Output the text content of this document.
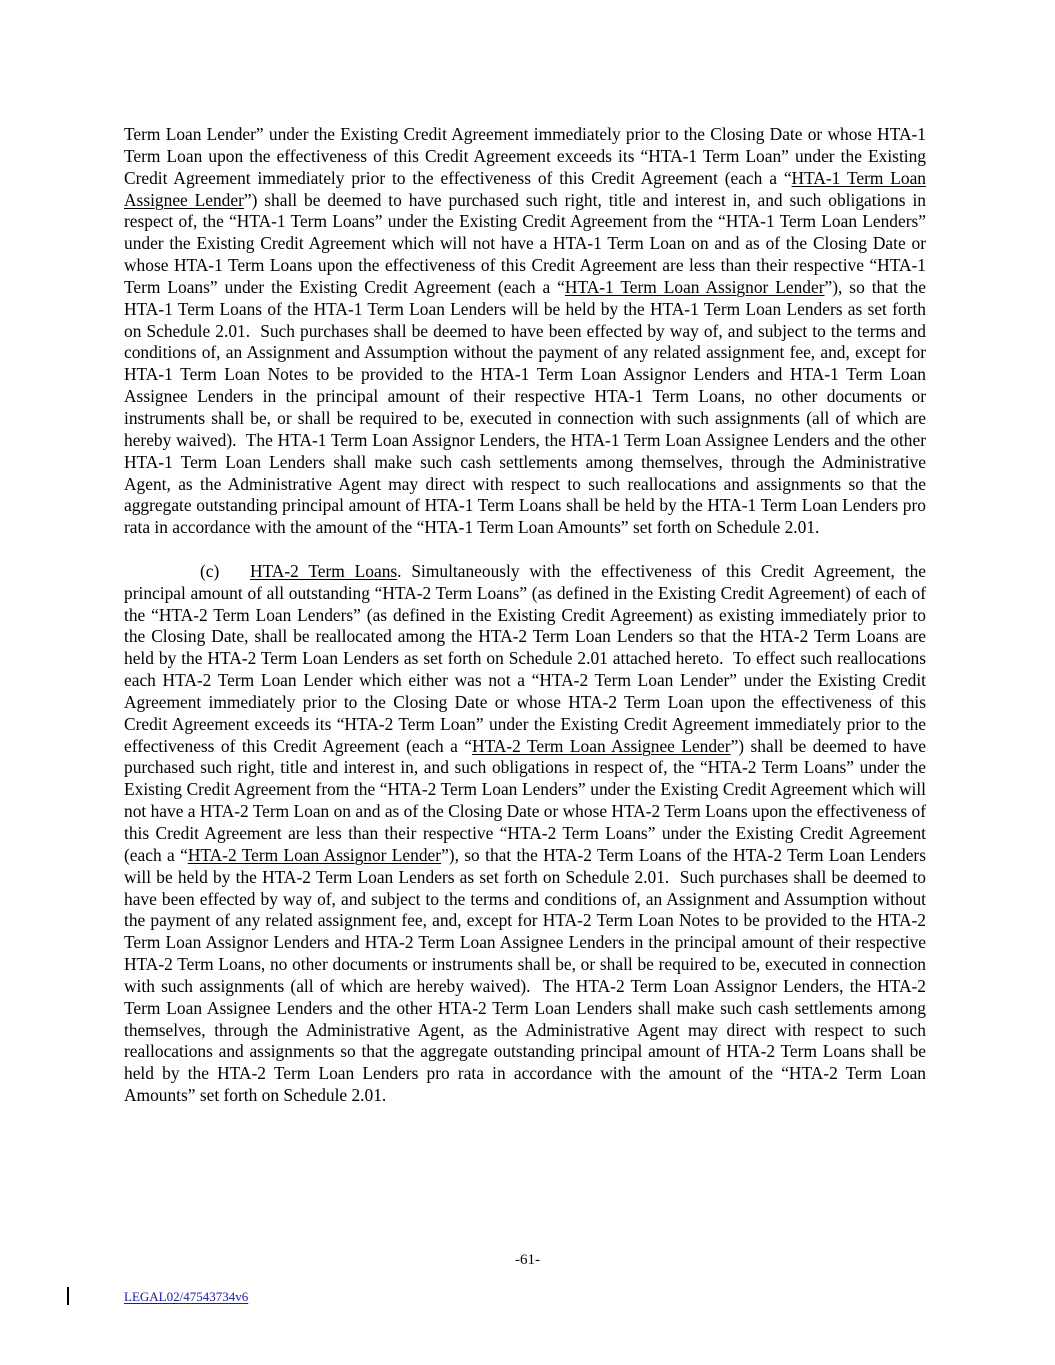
Term Loan Lender” under the Existing Credit Agreement immediately prior to the Closing Date or whose HTA-1 Term Loan upon the effectiveness of this Credit Agreement exceeds its “HTA-1 Term Loan” under the Existing Credit Agreement immediately prior to the effectiveness of this Credit Agreement (each a “HTA-1 Term Loan Assignee Lender”) shall be deemed to have purchased such right, title and interest in, and such obligations in respect of, the “HTA-1 Term Loans” under the Existing Credit Agreement from the “HTA-1 Term Loan Lenders” under the Existing Credit Agreement which will not have a HTA-1 Term Loan on and as of the Closing Date or whose HTA-1 Term Loans upon the effectiveness of this Credit Agreement are less than their respective “HTA-1 Term Loans” under the Existing Credit Agreement (each a “HTA-1 Term Loan Assignor Lender”), so that the HTA-1 Term Loans of the HTA-1 Term Loan Lenders will be held by the HTA-1 Term Loan Lenders as set forth on Schedule 2.01.  Such purchases shall be deemed to have been effected by way of, and subject to the terms and conditions of, an Assignment and Assumption without the payment of any related assignment fee, and, except for HTA-1 Term Loan Notes to be provided to the HTA-1 Term Loan Assignor Lenders and HTA-1 Term Loan Assignee Lenders in the principal amount of their respective HTA-1 Term Loans, no other documents or instruments shall be, or shall be required to be, executed in connection with such assignments (all of which are hereby waived).  The HTA-1 Term Loan Assignor Lenders, the HTA-1 Term Loan Assignee Lenders and the other HTA-1 Term Loan Lenders shall make such cash settlements among themselves, through the Administrative Agent, as the Administrative Agent may direct with respect to such reallocations and assignments so that the aggregate outstanding principal amount of HTA-1 Term Loans shall be held by the HTA-1 Term Loan Lenders pro rata in accordance with the amount of the “HTA-1 Term Loan Amounts” set forth on Schedule 2.01.

(c) HTA-2 Term Loans. Simultaneously with the effectiveness of this Credit Agreement, the principal amount of all outstanding “HTA-2 Term Loans” (as defined in the Existing Credit Agreement) of each of the “HTA-2 Term Loan Lenders” (as defined in the Existing Credit Agreement) as existing immediately prior to the Closing Date, shall be reallocated among the HTA-2 Term Loan Lenders so that the HTA-2 Term Loans are held by the HTA-2 Term Loan Lenders as set forth on Schedule 2.01 attached hereto.  To effect such reallocations each HTA-2 Term Loan Lender which either was not a “HTA-2 Term Loan Lender” under the Existing Credit Agreement immediately prior to the Closing Date or whose HTA-2 Term Loan upon the effectiveness of this Credit Agreement exceeds its “HTA-2 Term Loan” under the Existing Credit Agreement immediately prior to the effectiveness of this Credit Agreement (each a “HTA-2 Term Loan Assignee Lender”) shall be deemed to have purchased such right, title and interest in, and such obligations in respect of, the “HTA-2 Term Loans” under the Existing Credit Agreement from the “HTA-2 Term Loan Lenders” under the Existing Credit Agreement which will not have a HTA-2 Term Loan on and as of the Closing Date or whose HTA-2 Term Loans upon the effectiveness of this Credit Agreement are less than their respective “HTA-2 Term Loans” under the Existing Credit Agreement (each a “HTA-2 Term Loan Assignor Lender”), so that the HTA-2 Term Loans of the HTA-2 Term Loan Lenders will be held by the HTA-2 Term Loan Lenders as set forth on Schedule 2.01.  Such purchases shall be deemed to have been effected by way of, and subject to the terms and conditions of, an Assignment and Assumption without the payment of any related assignment fee, and, except for HTA-2 Term Loan Notes to be provided to the HTA-2 Term Loan Assignor Lenders and HTA-2 Term Loan Assignee Lenders in the principal amount of their respective HTA-2 Term Loans, no other documents or instruments shall be, or shall be required to be, executed in connection with such assignments (all of which are hereby waived).  The HTA-2 Term Loan Assignor Lenders, the HTA-2 Term Loan Assignee Lenders and the other HTA-2 Term Loan Lenders shall make such cash settlements among themselves, through the Administrative Agent, as the Administrative Agent may direct with respect to such reallocations and assignments so that the aggregate outstanding principal amount of HTA-2 Term Loans shall be held by the HTA-2 Term Loan Lenders pro rata in accordance with the amount of the “HTA-2 Term Loan Amounts” set forth on Schedule 2.01.

-61-
LEGAL02/47543734v6
